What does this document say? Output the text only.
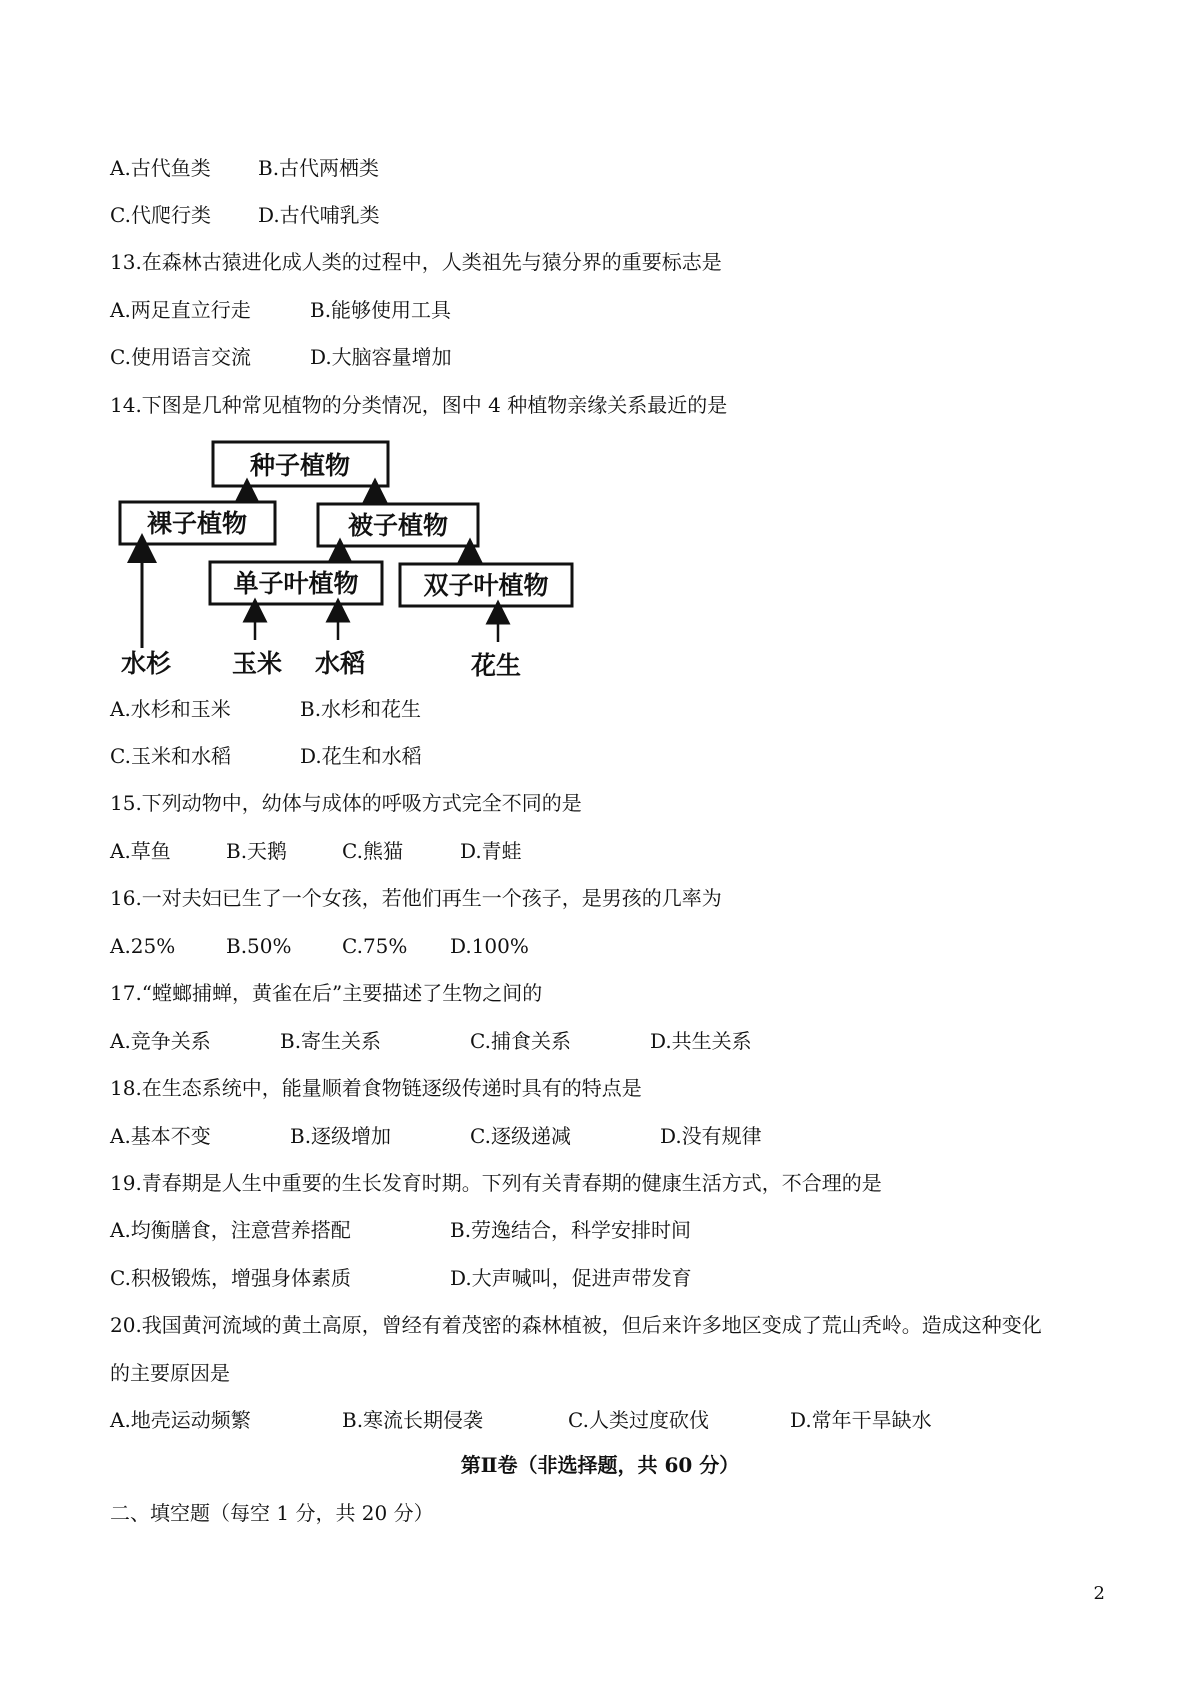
A.古代鱼类 B.古代两栖类
C.代爬行类 D.古代哺乳类
13.在森林古猿进化成人类的过程中，人类祖先与猿分界的重要标志是
A.两足直立行走	B.能够使用工具
C.使用语言交流	D.大脑容量增加
14.下图是几种常见植物的分类情况，图中 4 种植物亲缘关系最近的是
种子植物
裸子植物	被子植物
单子叶植物	双子叶植物
水杉 玉米 水稻	花生
A.水杉和玉米	B.水杉和花生
C.玉米和水稻	D.花生和水稻
15.下列动物中，幼体与成体的呼吸方式完全不同的是
A.草鱼	B.天鹅	C.熊猫	D.青蛙
16.一对夫妇已生了一个女孩，若他们再生一个孩子，是男孩的几率为
A.25%	B.50%	C.75% D.100%
17.“螳螂捕蝉，黄雀在后”主要描述了生物之间的
A.竞争关系	B.寄生关系	C.捕食关系	D.共生关系
18.在生态系统中，能量顺着食物链逐级传递时具有的特点是
A.基本不变	B.逐级增加	C.逐级递减	D.没有规律
19.青春期是人生中重要的生长发育时期。下列有关青春期的健康生活方式，不合理的是
A.均衡膳食，注意营养搭配	B.劳逸结合，科学安排时间
C.积极锻炼，增强身体素质	D.大声喊叫，促进声带发育
20.我国黄河流域的黄土高原，曾经有着茂密的森林植被，但后来许多地区变成了荒山秃岭。造成这种变化
的主要原因是
A.地壳运动频繁	B.寒流长期侵袭	C.人类过度砍伐	D.常年干旱缺水
第Ⅱ卷（非选择题，共 60 分）
二、填空题（每空 1 分，共 20 分）
2
